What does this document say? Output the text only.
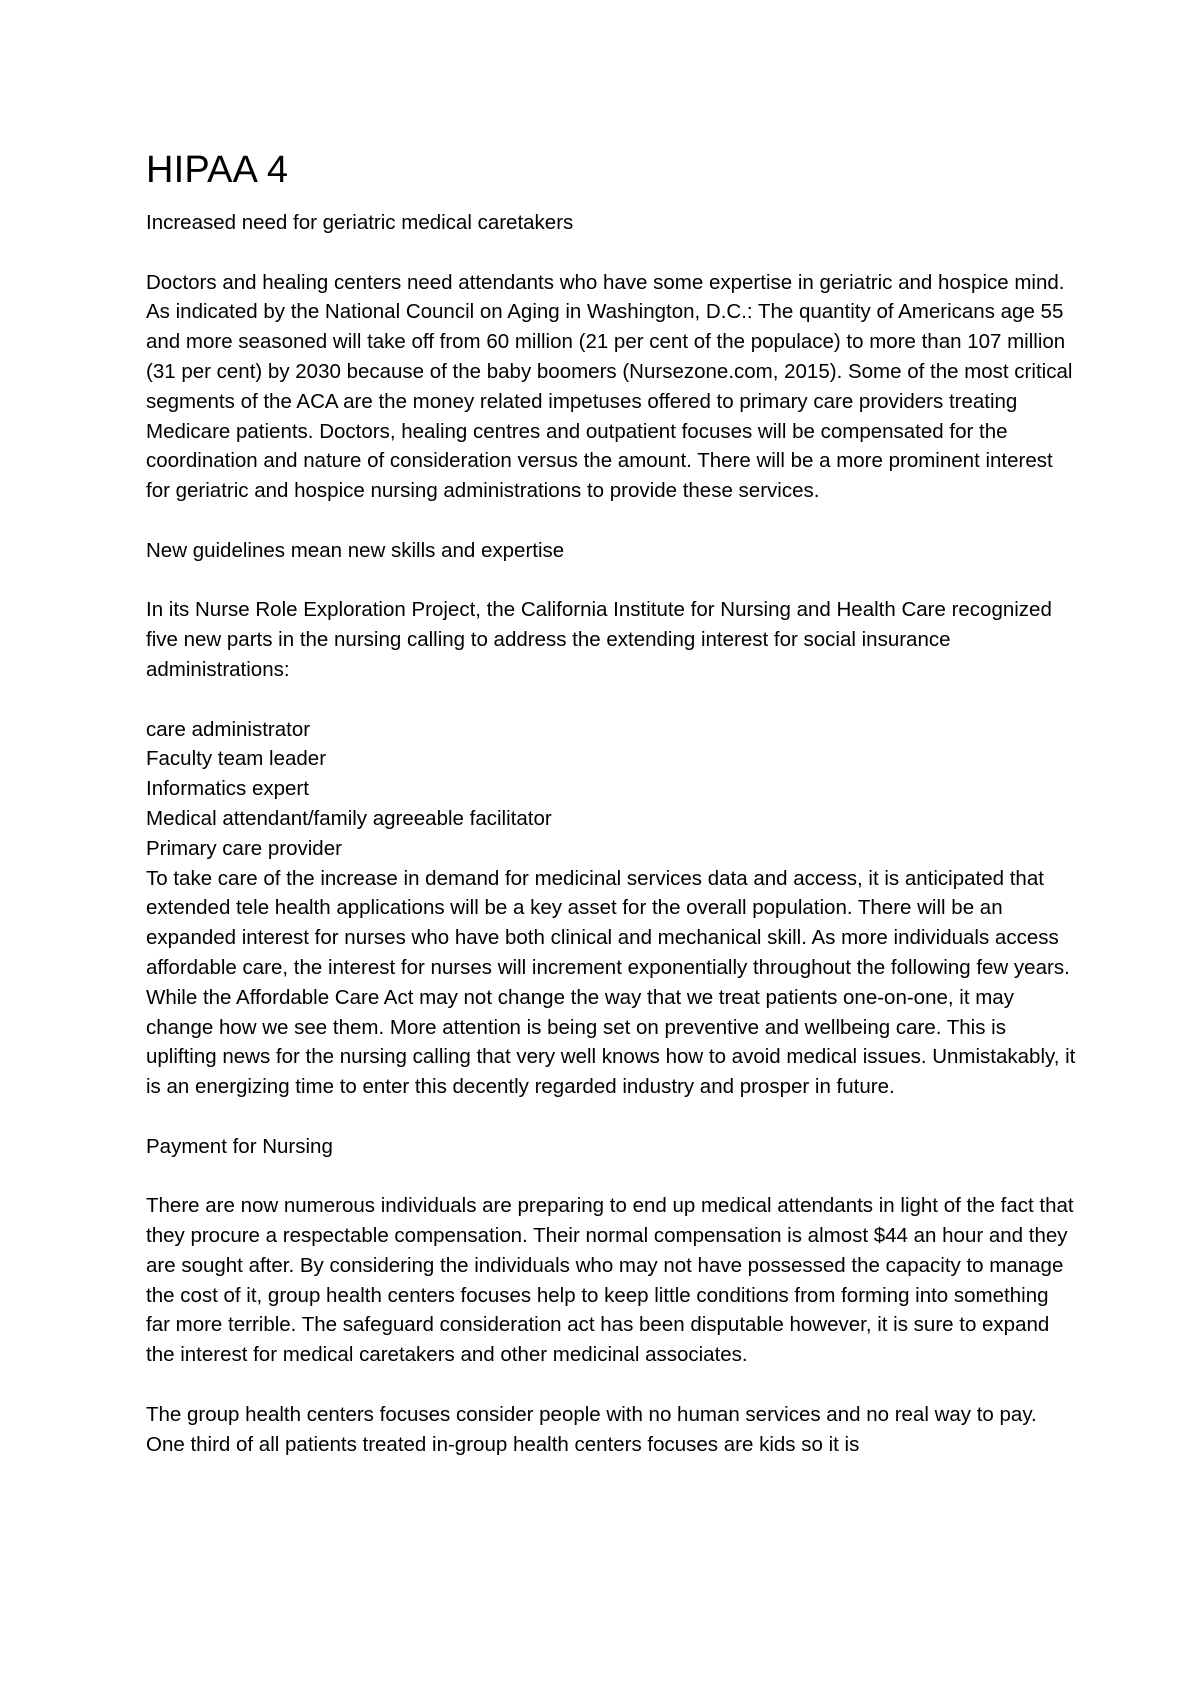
HIPAA 4

Increased need for geriatric medical caretakers

Doctors and healing centers need attendants who have some expertise in geriatric and hospice mind. As indicated by the National Council on Aging in Washington, D.C.: The quantity of Americans age 55 and more seasoned will take off from 60 million (21 per cent of the populace) to more than 107 million (31 per cent) by 2030 because of the baby boomers (Nursezone.com, 2015). Some of the most critical segments of the ACA are the money related impetuses offered to primary care providers treating Medicare patients. Doctors, healing centres and outpatient focuses will be compensated for the coordination and nature of consideration versus the amount. There will be a more prominent interest for geriatric and hospice nursing administrations to provide these services.

New guidelines mean new skills and expertise

In its Nurse Role Exploration Project, the California Institute for Nursing and Health Care recognized five new parts in the nursing calling to address the extending interest for social insurance administrations:

care administrator
Faculty team leader
Informatics expert
Medical attendant/family agreeable facilitator
Primary care provider

To take care of the increase in demand for medicinal services data and access, it is anticipated that extended tele health applications will be a key asset for the overall population. There will be an expanded interest for nurses who have both clinical and mechanical skill. As more individuals access affordable care, the interest for nurses will increment exponentially throughout the following few years. While the Affordable Care Act may not change the way that we treat patients one-on-one, it may change how we see them. More attention is being set on preventive and wellbeing care. This is uplifting news for the nursing calling that very well knows how to avoid medical issues. Unmistakably, it is an energizing time to enter this decently regarded industry and prosper in future.

Payment for Nursing

There are now numerous individuals are preparing to end up medical attendants in light of the fact that they procure a respectable compensation. Their normal compensation is almost $44 an hour and they are sought after. By considering the individuals who may not have possessed the capacity to manage the cost of it, group health centers focuses help to keep little conditions from forming into something far more terrible. The safeguard consideration act has been disputable however, it is sure to expand the interest for medical caretakers and other medicinal associates.

The group health centers focuses consider people with no human services and no real way to pay. One third of all patients treated in-group health centers focuses are kids so it is
